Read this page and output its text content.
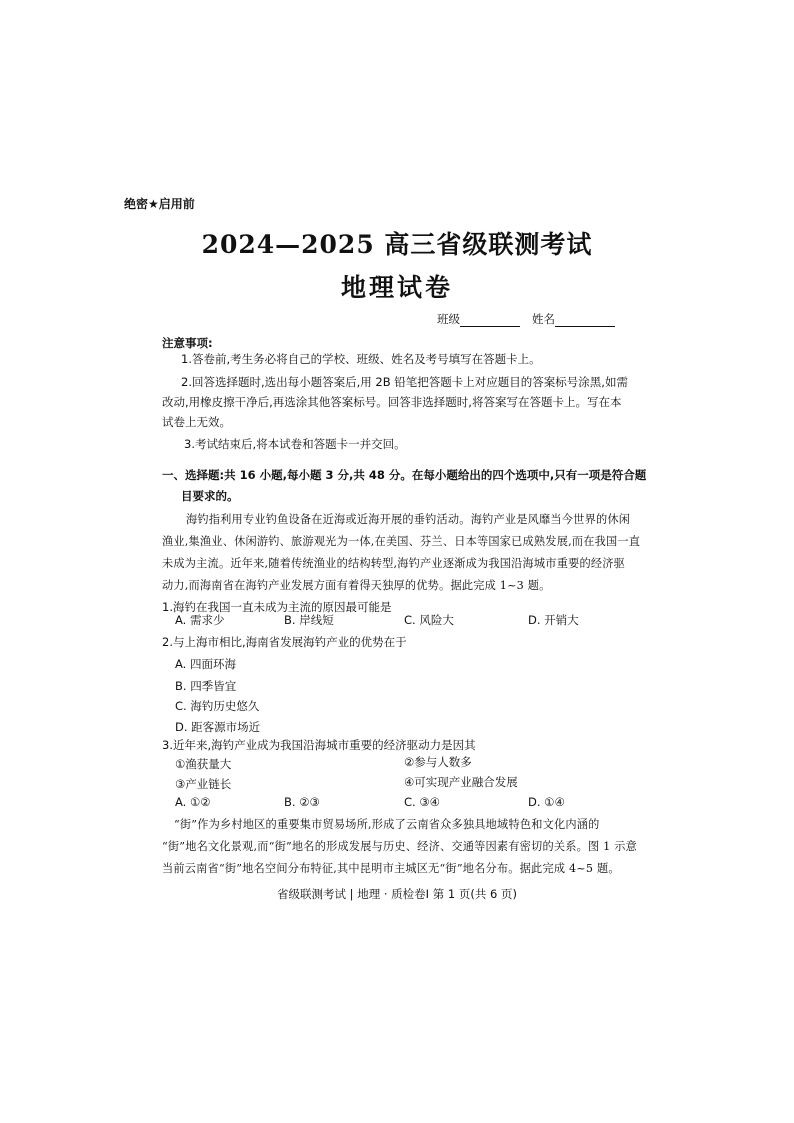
绝密★启用前
2024—2025 高三省级联测考试
地理试卷
班级	姓名
注意事项:
1.答卷前,考生务必将自己的学校、班级、姓名及考号填写在答题卡上。
2.回答选择题时,选出每小题答案后,用 2B 铅笔把答题卡上对应题目的答案标号涂黑,如需
改动,用橡皮擦干净后,再选涂其他答案标号。回答非选择题时,将答案写在答题卡上。写在本
试卷上无效。
3.考试结束后,将本试卷和答题卡一并交回。
一、选择题:共 16 小题,每小题 3 分,共 48 分。在每小题给出的四个选项中,只有一项是符合题
目要求的。
海钓指利用专业钓鱼设备在近海或近海开展的垂钓活动。海钓产业是风靡当今世界的休闲
渔业,集渔业、休闲游钓、旅游观光为一体,在美国、芬兰、日本等国家已成熟发展,而在我国一直
未成为主流。近年来,随着传统渔业的结构转型,海钓产业逐渐成为我国沿海城市重要的经济驱
动力,而海南省在海钓产业发展方面有着得天独厚的优势。据此完成 1~3 题。
1.海钓在我国一直未成为主流的原因最可能是
A. 需求少	B. 岸线短	C. 风险大	D. 开销大
2.与上海市相比,海南省发展海钓产业的优势在于
A. 四面环海
B. 四季皆宜
C. 海钓历史悠久
D. 距客源市场近
3.近年来,海钓产业成为我国沿海城市重要的经济驱动力是因其
①渔获量大	②参与人数多
③产业链长	④可实现产业融合发展
A. ①②	B. ②③	C. ③④	D. ①④
“街”作为乡村地区的重要集市贸易场所,形成了云南省众多独具地域特色和文化内涵的
“街”地名文化景观,而“街”地名的形成发展与历史、经济、交通等因素有密切的关系。图 1 示意
当前云南省“街”地名空间分布特征,其中昆明市主城区无“街”地名分布。据此完成 4~5 题。
省级联测考试 | 地理 · 质检卷Ⅰ 第 1 页(共 6 页)
